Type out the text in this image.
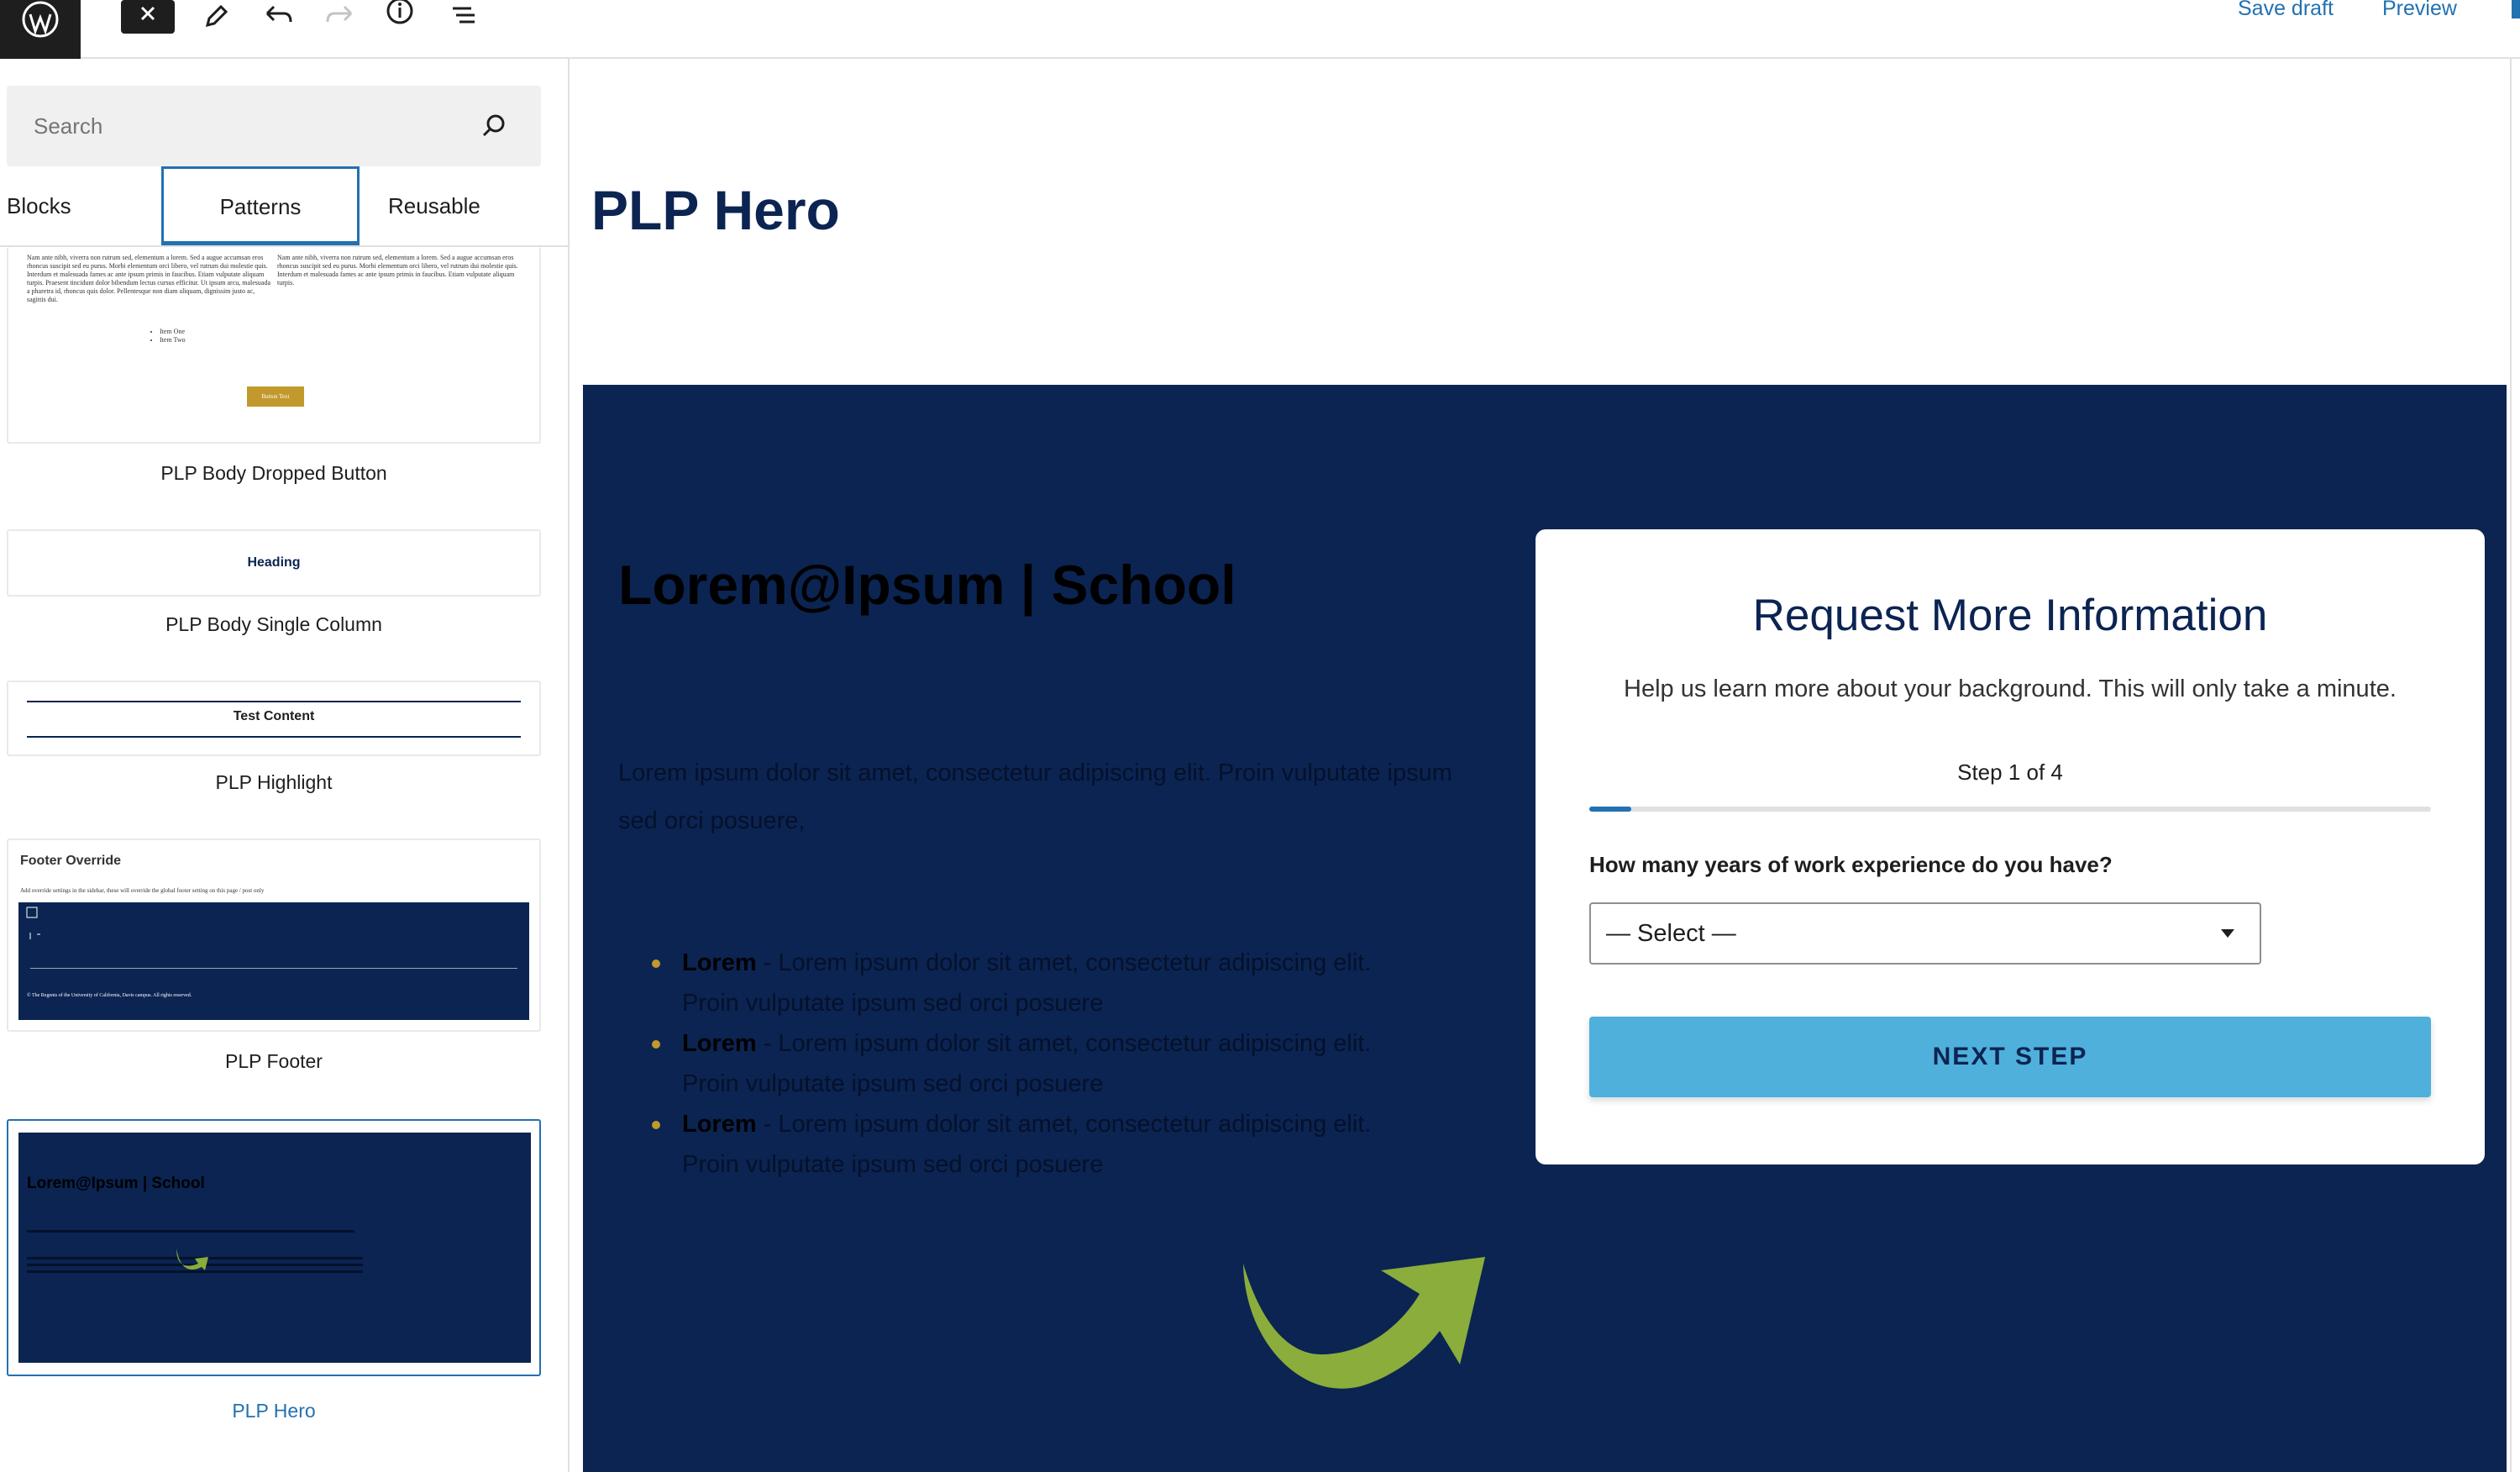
Save draft Preview
Search
Blocks	Patterns	Reusable
Nam ante nibh, viverra non rutrum sed, elementum a lorem. Sed a augue accumsan eros rhoncus suscipit sed eu purus. Morbi elementum orci libero, vel rutrum dui molestie quis. Interdum et malesuada fames ac ante ipsum primis in faucibus. Etiam vulputate aliquam turpis. Praesent tincidunt dolor bibendum lectus cursus efficitur. Ut ipsum arcu, malesuada a pharetra id, rhoncus quis dolor. Pellentesque non diam aliquam, dignissim justo ac, sagittis dui.
Nam ante nibh, viverra non rutrum sed, elementum a lorem. Sed a augue accumsan eros rhoncus suscipit sed eu purus. Morbi elementum orci libero, vel rutrum dui molestie quis. Interdum et malesuada fames ac ante ipsum primis in faucibus. Etiam vulputate aliquam turpis.
• Item One
• Item Two
Button Text
PLP Body Dropped Button
Heading
PLP Body Single Column
Test Content
PLP Highlight
Footer Override
Add override settings in the sidebar, these will override the global footer setting on this page / post only
© The Regents of the University of California, Davis campus. All rights reserved.
PLP Footer
Lorem@Ipsum | School
Form preview can be added to the panel
PLP Hero
PLP Hero
Lorem@Ipsum | School

Lorem ipsum dolor sit amet, consectetur adipiscing elit. Proin vulputate ipsum sed orci posuere,

Lorem - Lorem ipsum dolor sit amet, consectetur adipiscing elit. Proin vulputate ipsum sed orci posuere
Lorem - Lorem ipsum dolor sit amet, consectetur adipiscing elit. Proin vulputate ipsum sed orci posuere
Lorem - Lorem ipsum dolor sit amet, consectetur adipiscing elit. Proin vulputate ipsum sed orci posuere
Request More Information
Help us learn more about your background. This will only take a minute.
Step 1 of 4
How many years of work experience do you have?
— Select —
NEXT STEP
